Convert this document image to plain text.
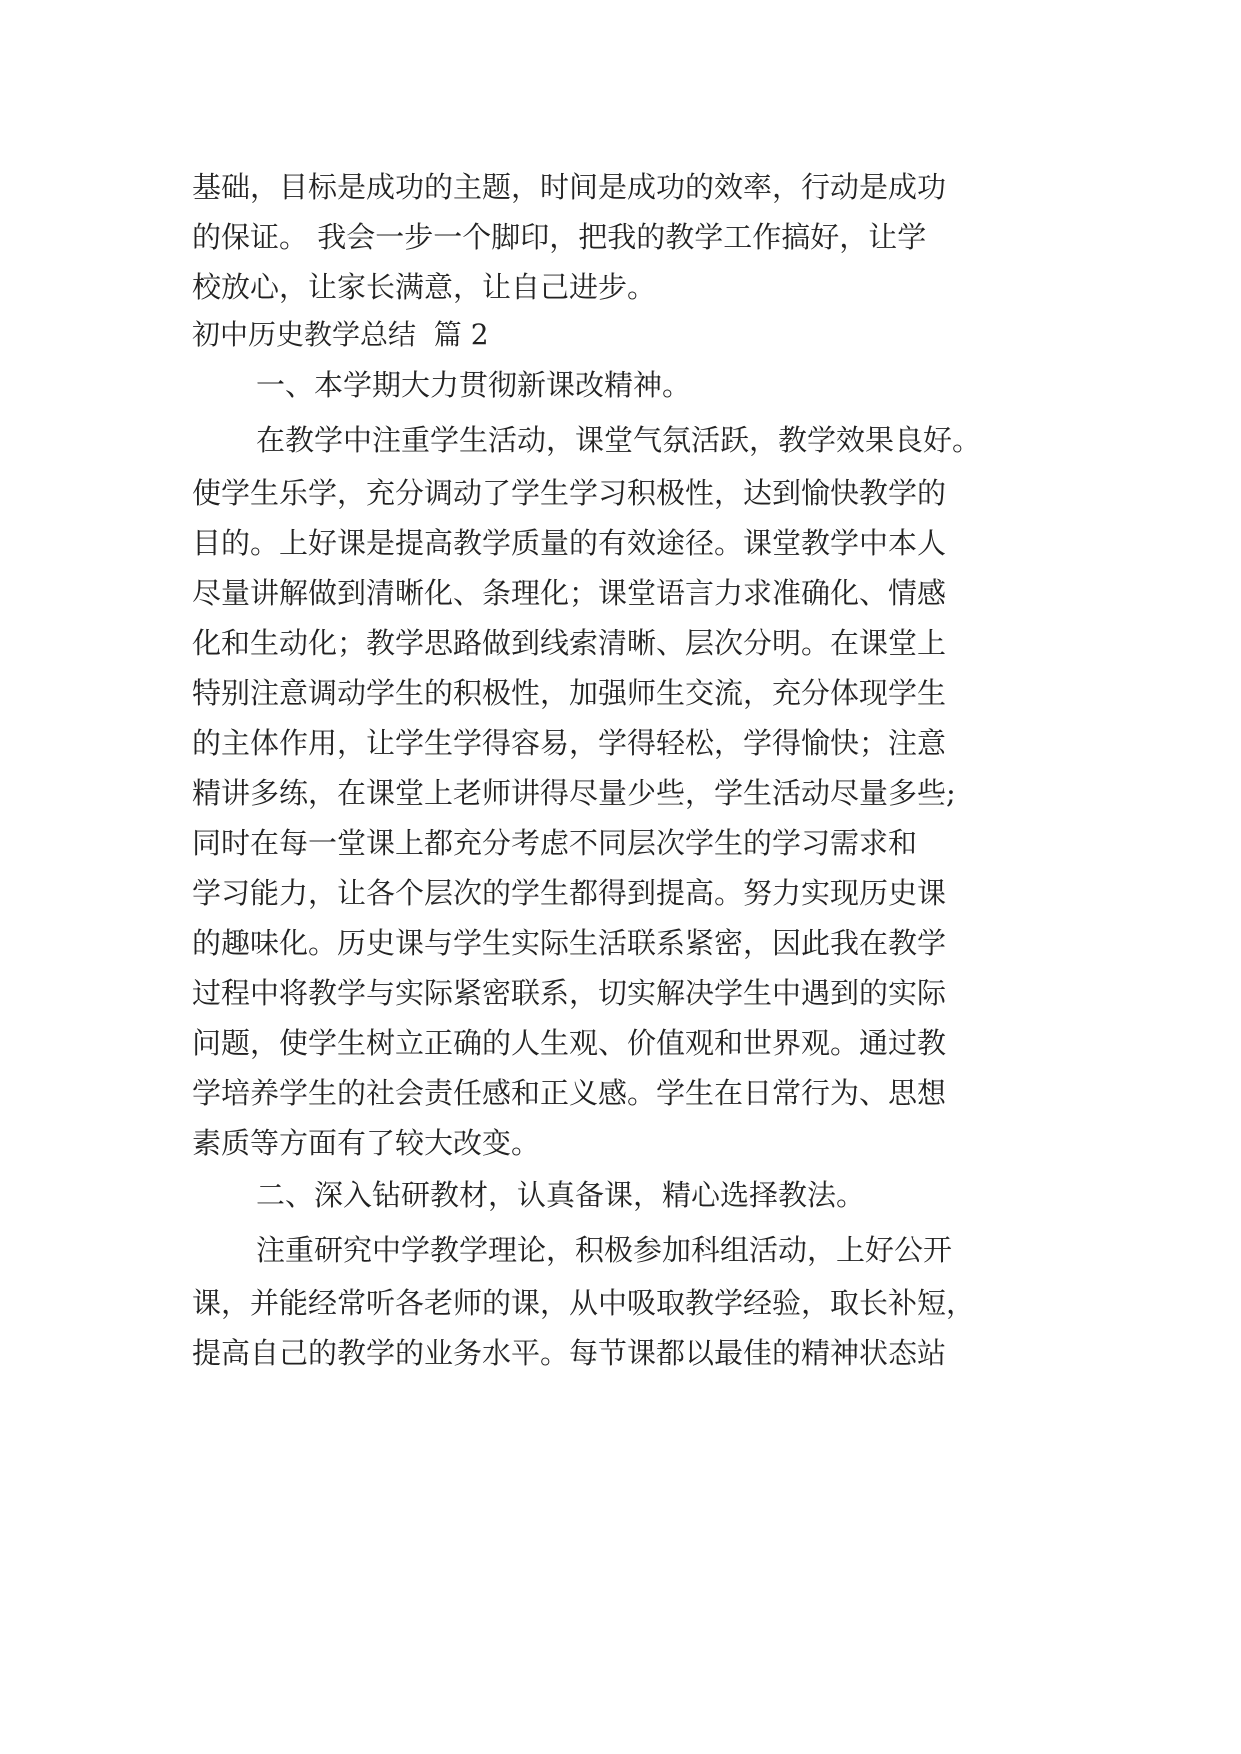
基础，目标是成功的主题，时间是成功的效率，行动是成功
的保证。 我会一步一个脚印，把我的教学工作搞好，让学
校放心，让家长满意，让自己进步。
初中历史教学总结  篇 2
一、本学期大力贯彻新课改精神。
在教学中注重学生活动，课堂气氛活跃，教学效果良好。
使学生乐学，充分调动了学生学习积极性，达到愉快教学的
目的。上好课是提高教学质量的有效途径。课堂教学中本人
尽量讲解做到清晰化、条理化；课堂语言力求准确化、情感
化和生动化；教学思路做到线索清晰、层次分明。在课堂上
特别注意调动学生的积极性，加强师生交流，充分体现学生
的主体作用，让学生学得容易，学得轻松，学得愉快；注意
精讲多练，在课堂上老师讲得尽量少些，学生活动尽量多些;
同时在每一堂课上都充分考虑不同层次学生的学习需求和
学习能力，让各个层次的学生都得到提高。努力实现历史课
的趣味化。历史课与学生实际生活联系紧密，因此我在教学
过程中将教学与实际紧密联系，切实解决学生中遇到的实际
问题，使学生树立正确的人生观、价值观和世界观。通过教
学培养学生的社会责任感和正义感。学生在日常行为、思想
素质等方面有了较大改变。
二、深入钻研教材，认真备课，精心选择教法。
注重研究中学教学理论，积极参加科组活动，上好公开
课，并能经常听各老师的课，从中吸取教学经验，取长补短，
提高自己的教学的业务水平。每节课都以最佳的精神状态站
